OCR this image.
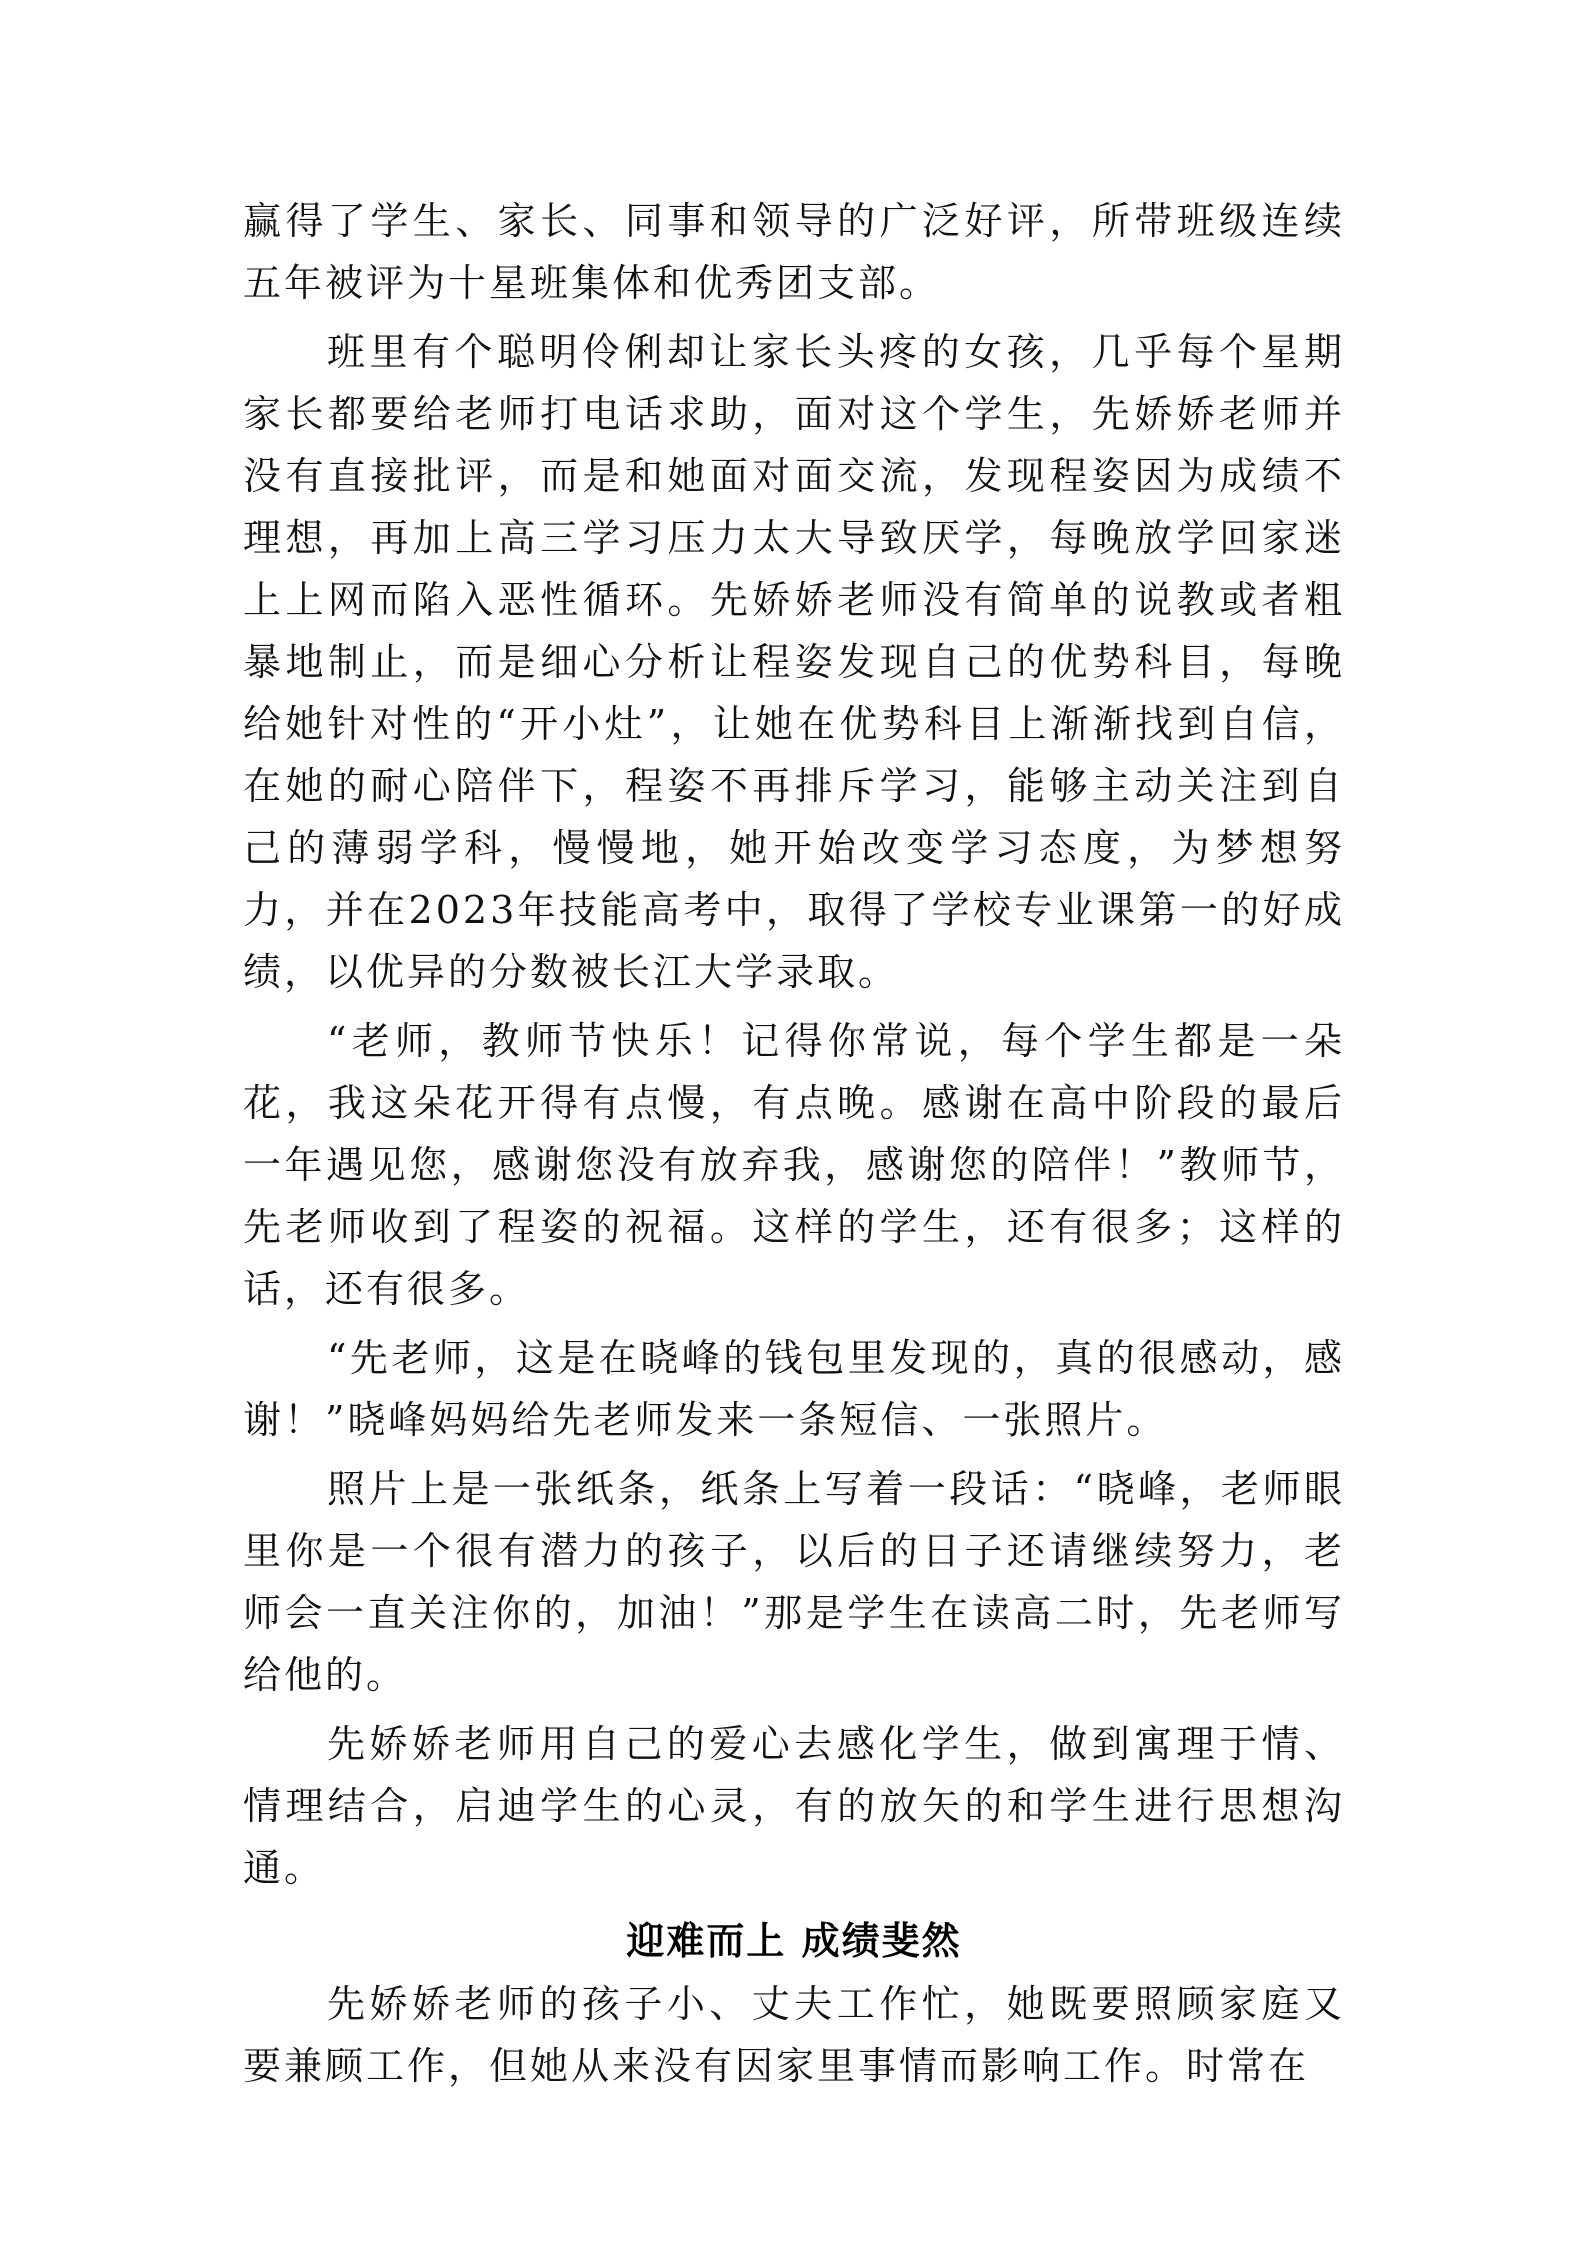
赢得了学生、家长、同事和领导的广泛好评，所带班级连续五年被评为十星班集体和优秀团支部。

班里有个聪明伶俐却让家长头疼的女孩，几乎每个星期家长都要给老师打电话求助，面对这个学生，先娇娇老师并没有直接批评，而是和她面对面交流，发现程姿因为成绩不理想，再加上高三学习压力太大导致厌学，每晚放学回家迷上上网而陷入恶性循环。先娇娇老师没有简单的说教或者粗暴地制止，而是细心分析让程姿发现自己的优势科目，每晚给她针对性的“开小灶”，让她在优势科目上渐渐找到自信，在她的耐心陪伴下，程姿不再排斥学习，能够主动关注到自己的薄弱学科，慢慢地，她开始改变学习态度，为梦想努力，并在2023年技能高考中，取得了学校专业课第一的好成绩，以优异的分数被长江大学录取。

“老师，教师节快乐！记得你常说，每个学生都是一朵花，我这朵花开得有点慢，有点晚。感谢在高中阶段的最后一年遇见您，感谢您没有放弃我，感谢您的陪伴！”教师节，先老师收到了程姿的祝福。这样的学生，还有很多；这样的话，还有很多。

“先老师，这是在晓峰的钱包里发现的，真的很感动，感谢！”晓峰妈妈给先老师发来一条短信、一张照片。

照片上是一张纸条，纸条上写着一段话：“晓峰，老师眼里你是一个很有潜力的孩子，以后的日子还请继续努力，老师会一直关注你的，加油！”那是学生在读高二时，先老师写给他的。

先娇娇老师用自己的爱心去感化学生，做到寓理于情、情理结合，启迪学生的心灵，有的放矢的和学生进行思想沟通。

迎难而上 成绩斐然

先娇娇老师的孩子小、丈夫工作忙，她既要照顾家庭又要兼顾工作，但她从来没有因家里事情而影响工作。时常在
